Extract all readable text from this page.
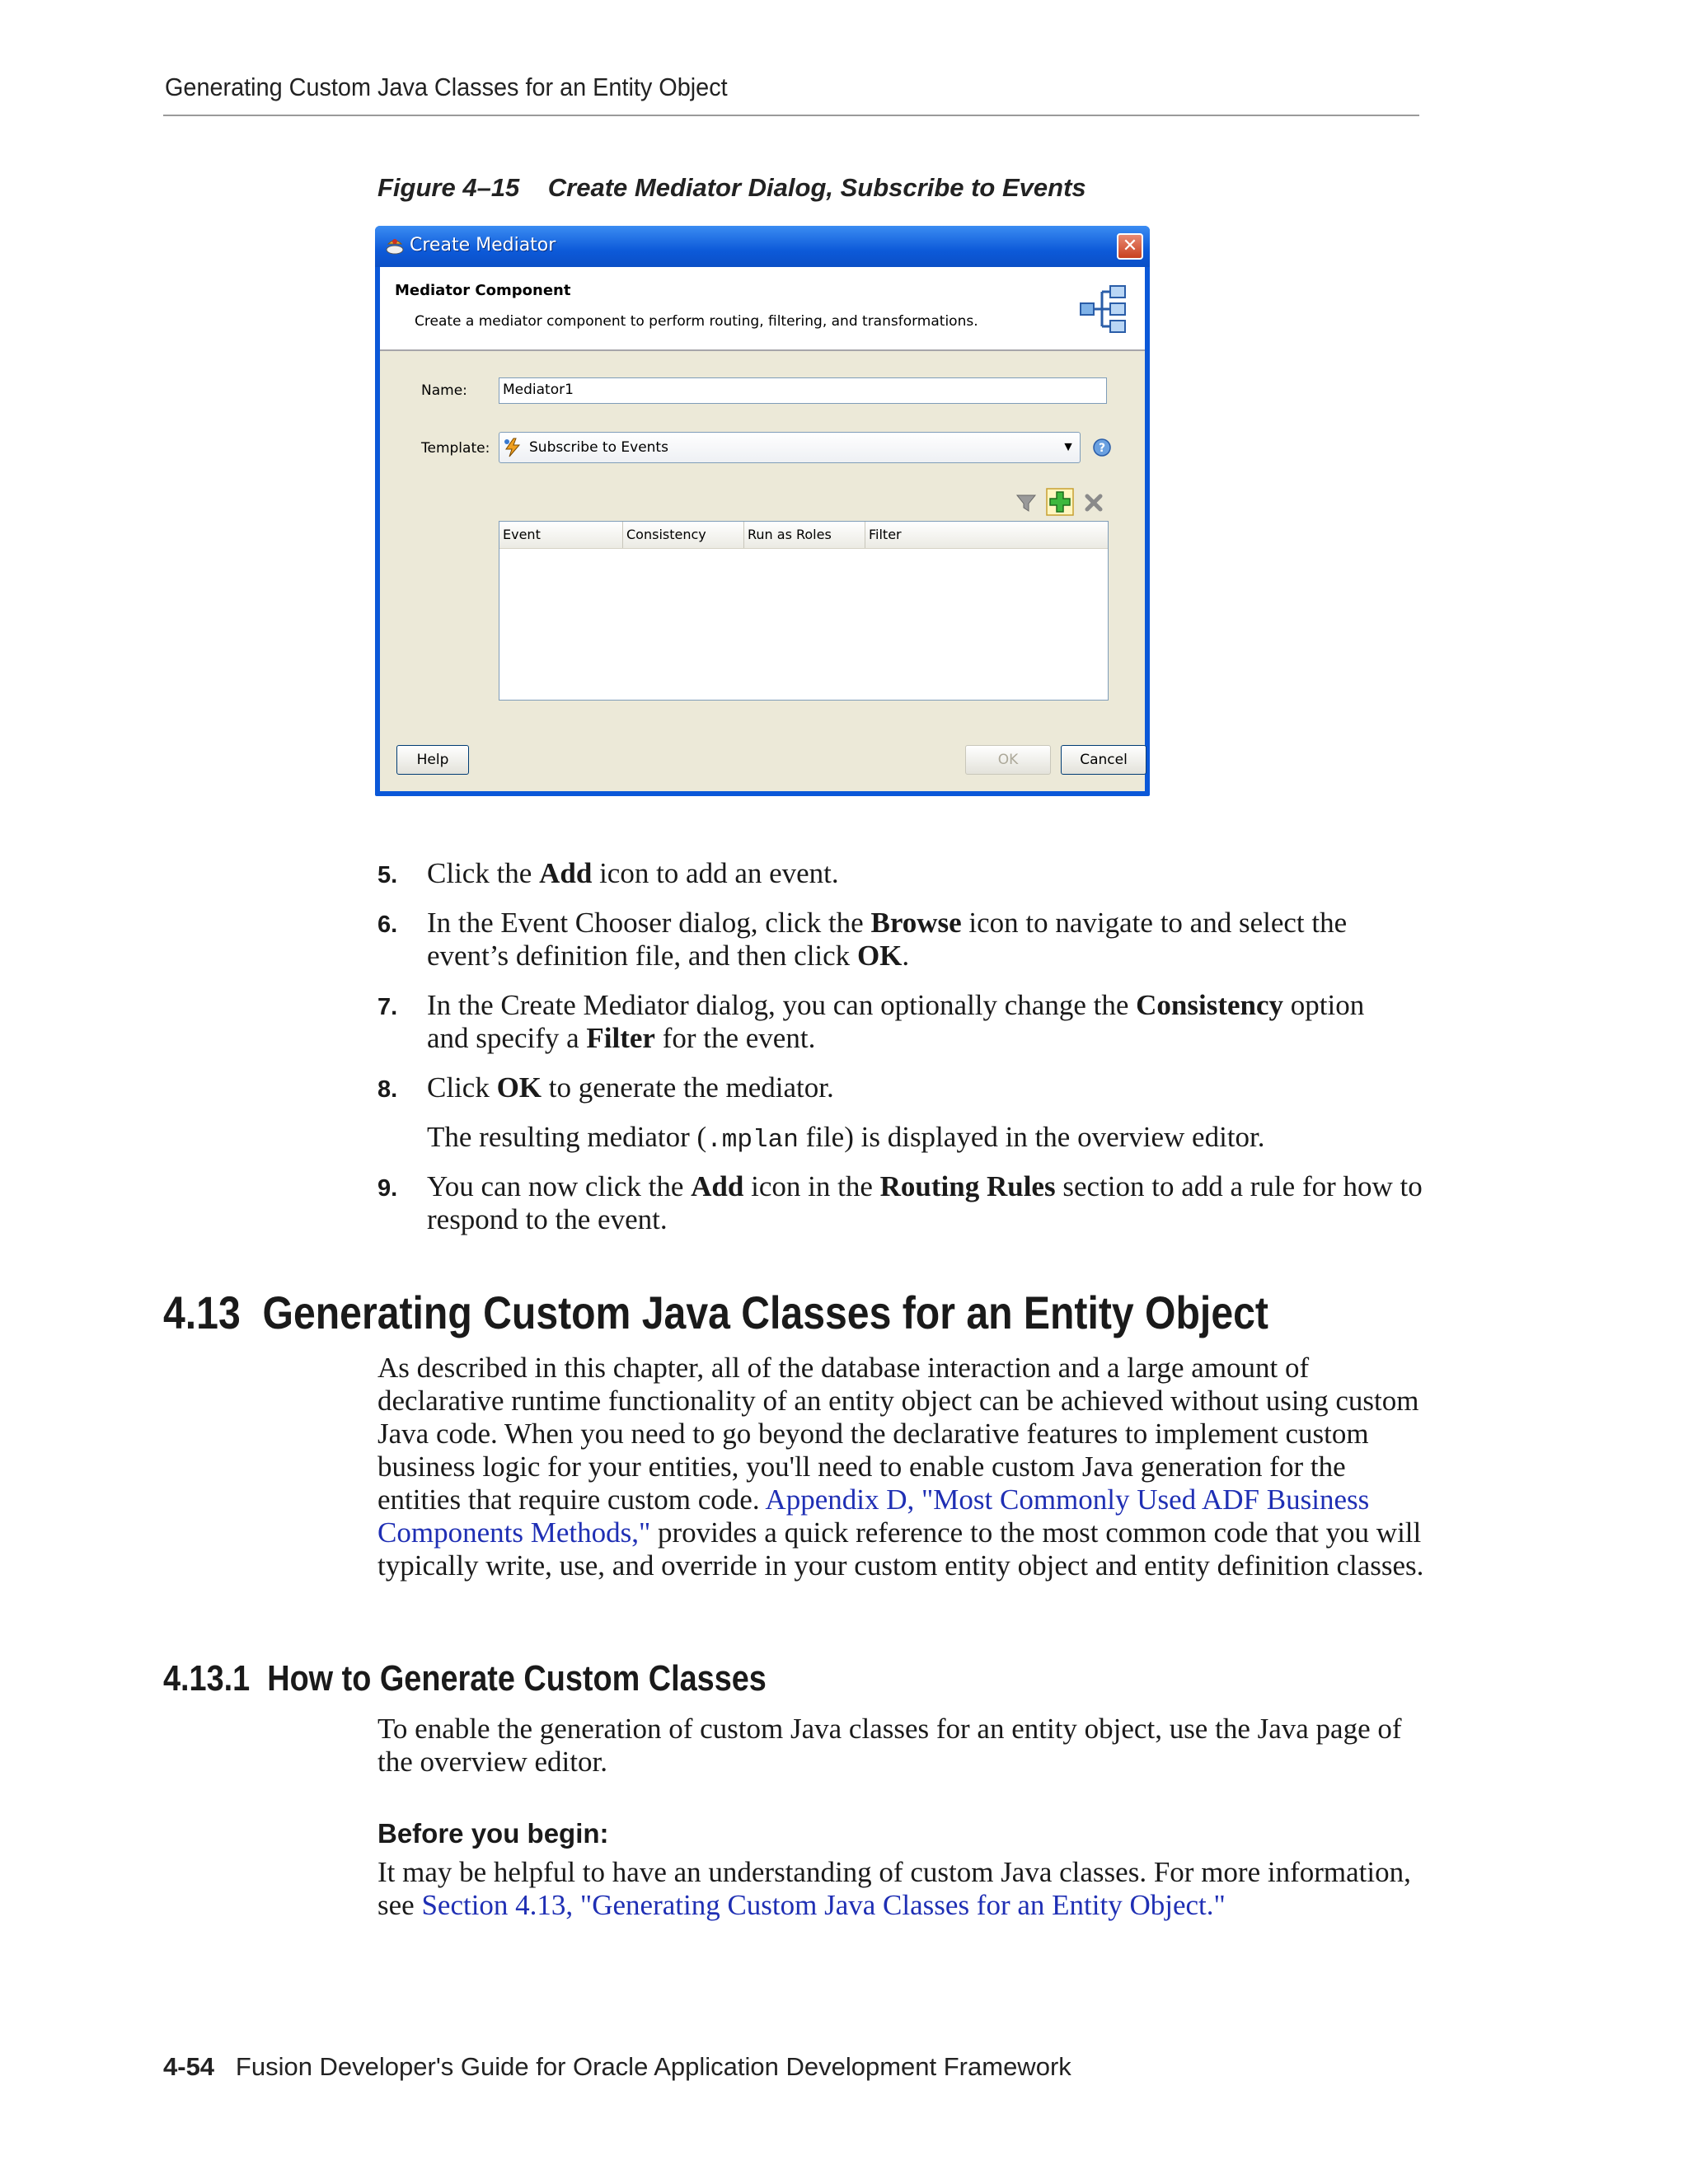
Generating Custom Java Classes for an Entity Object
Figure 4–15 Create Mediator Dialog, Subscribe to Events
Create Mediator	✕
Mediator Component
Create a mediator component to perform routing, filtering, and transformations.
Name:	Mediator1
Template:	Subscribe to Events	▼ ?
Event	Consistency	Run as Roles	Filter
Help	OK	Cancel
5. Click the Add icon to add an event.
6. In the Event Chooser dialog, click the Browse icon to navigate to and select the event’s definition file, and then click OK.
7. In the Create Mediator dialog, you can optionally change the Consistency option and specify a Filter for the event.
8. Click OK to generate the mediator.
The resulting mediator (.mplan file) is displayed in the overview editor.
9. You can now click the Add icon in the Routing Rules section to add a rule for how to respond to the event.
4.13 Generating Custom Java Classes for an Entity Object
As described in this chapter, all of the database interaction and a large amount of declarative runtime functionality of an entity object can be achieved without using custom Java code. When you need to go beyond the declarative features to implement custom business logic for your entities, you'll need to enable custom Java generation for the entities that require custom code. Appendix D, "Most Commonly Used ADF Business Components Methods," provides a quick reference to the most common code that you will typically write, use, and override in your custom entity object and entity definition classes.
4.13.1 How to Generate Custom Classes
To enable the generation of custom Java classes for an entity object, use the Java page of the overview editor.
Before you begin:
It may be helpful to have an understanding of custom Java classes. For more information, see Section 4.13, "Generating Custom Java Classes for an Entity Object."
4-54 Fusion Developer's Guide for Oracle Application Development Framework
